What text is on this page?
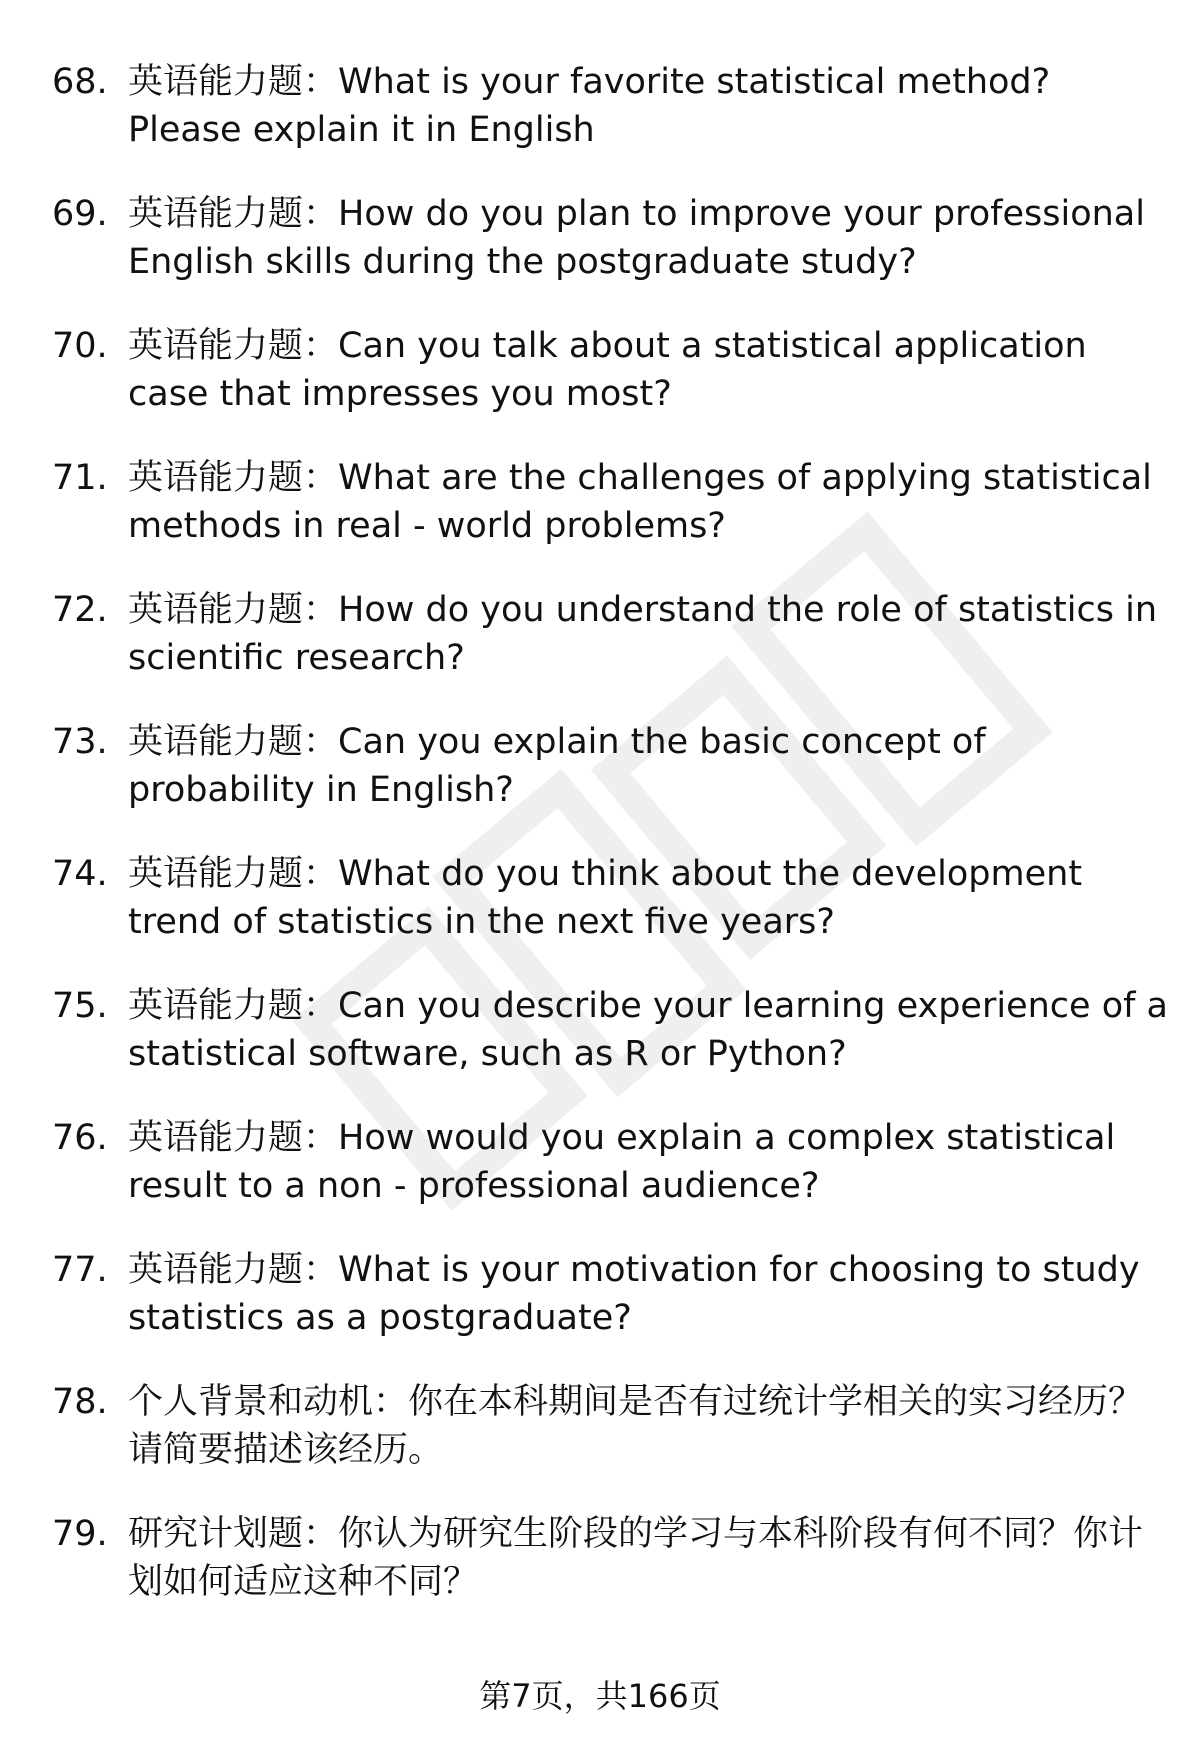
68. 英语能力题：What is your favorite statistical method? Please explain it in English
69. 英语能力题：How do you plan to improve your professional English skills during the postgraduate study?
70. 英语能力题：Can you talk about a statistical application case that impresses you most?
71. 英语能力题：What are the challenges of applying statistical methods in real - world problems?
72. 英语能力题：How do you understand the role of statistics in scientific research?
73. 英语能力题：Can you explain the basic concept of probability in English?
74. 英语能力题：What do you think about the development trend of statistics in the next five years?
75. 英语能力题：Can you describe your learning experience of a statistical software, such as R or Python?
76. 英语能力题：How would you explain a complex statistical result to a non - professional audience?
77. 英语能力题：What is your motivation for choosing to study statistics as a postgraduate?
78. 个人背景和动机：你在本科期间是否有过统计学相关的实习经历？请简要描述该经历。
79. 研究计划题：你认为研究生阶段的学习与本科阶段有何不同？你计划如何适应这种不同？
第7页，共166页
